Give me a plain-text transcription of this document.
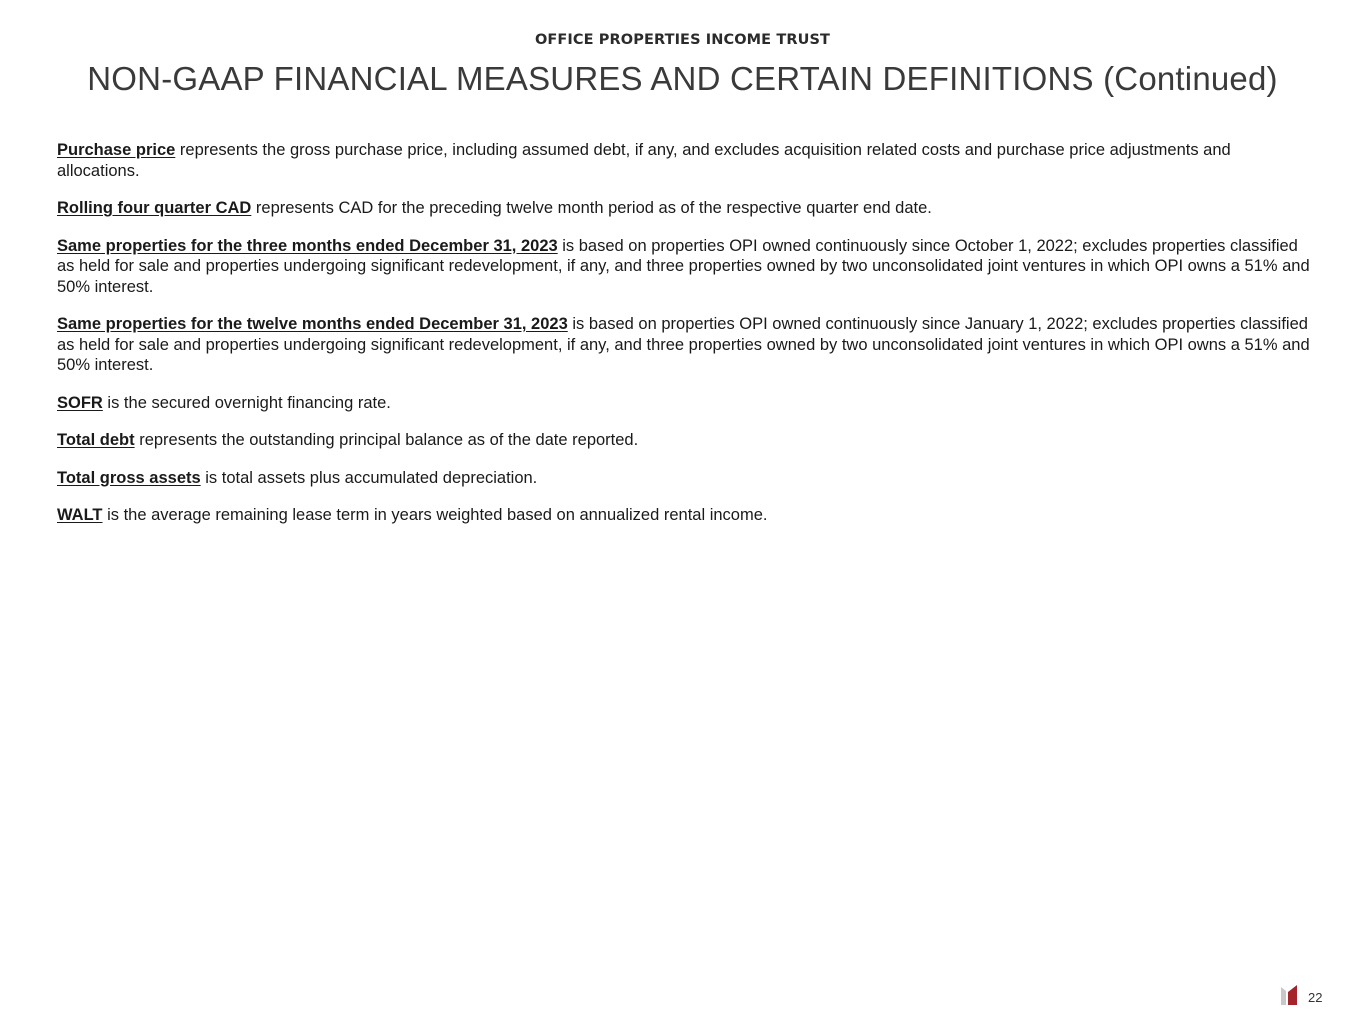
OFFICE PROPERTIES INCOME TRUST
NON-GAAP FINANCIAL MEASURES AND CERTAIN DEFINITIONS (Continued)

Purchase price represents the gross purchase price, including assumed debt, if any, and excludes acquisition related costs and purchase price adjustments and allocations.

Rolling four quarter CAD represents CAD for the preceding twelve month period as of the respective quarter end date.

Same properties for the three months ended December 31, 2023 is based on properties OPI owned continuously since October 1, 2022; excludes properties classified as held for sale and properties undergoing significant redevelopment, if any, and three properties owned by two unconsolidated joint ventures in which OPI owns a 51% and 50% interest.

Same properties for the twelve months ended December 31, 2023 is based on properties OPI owned continuously since January 1, 2022; excludes properties classified as held for sale and properties undergoing significant redevelopment, if any, and three properties owned by two unconsolidated joint ventures in which OPI owns a 51% and 50% interest.

SOFR is the secured overnight financing rate.

Total debt represents the outstanding principal balance as of the date reported.

Total gross assets is total assets plus accumulated depreciation.

WALT is the average remaining lease term in years weighted based on annualized rental income.

22
